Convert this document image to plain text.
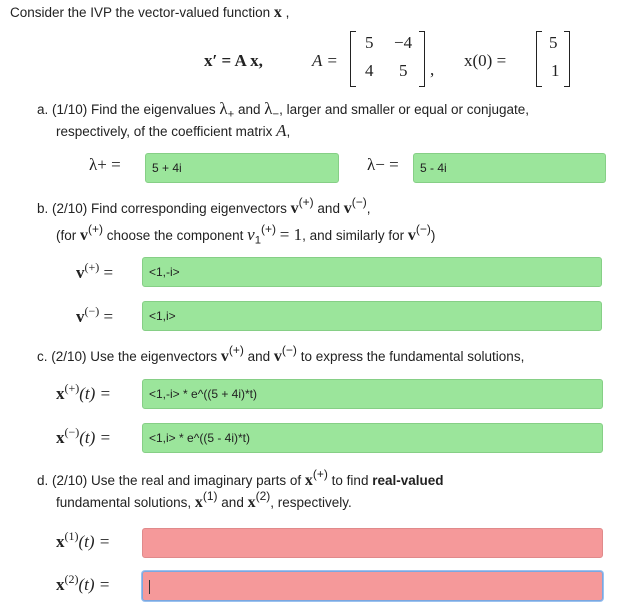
Consider the IVP the vector-valued function x ,
x′ = A x,	A =
5 −4
4 5 , x(0) =
5
1
a. (1/10) Find the eigenvalues $\lambda_+$ and $\lambda_-$, larger and smaller or equal or conjugate,
respectively, of the coefficient matrix A,
λ+ =	5 + 4i	λ− =	5 - 4i
b. (2/10) Find corresponding eigenvectors v(+) and v(−),
(for v(+) choose the component $v_1(+) = 1$, and similarly for v(−))
v(+) =	<1,-i>
v(−) =	<1,i>
c. (2/10) Use the eigenvectors v(+) and v(−) to express the fundamental solutions,
x(+)(t) =	<1,-i> * e^((5 + 4i)*t)
x(−)(t) =	<1,i> * e^((5 - 4i)*t)
d. (2/10) Use the real and imaginary parts of x(+) to find real-valued
fundamental solutions, x(1) and x(2), respectively.
$x^{(1)}(t)$ =
$x^{(2)}(t)$ =
